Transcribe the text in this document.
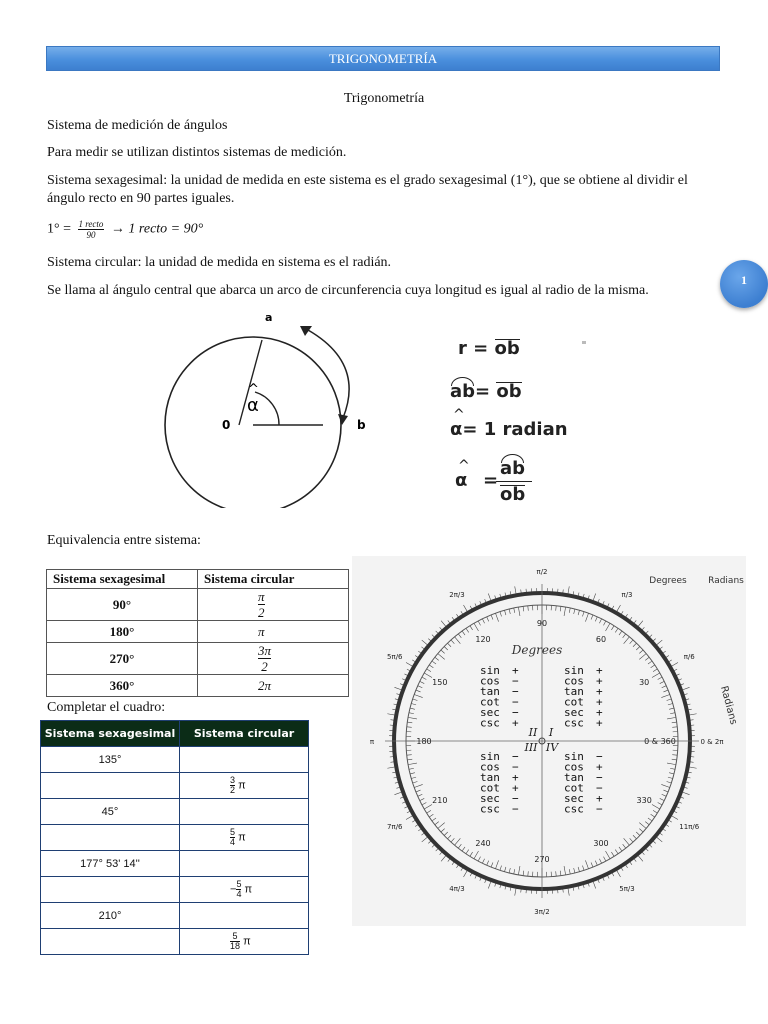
TRIGONOMETRÍA
1
Trigonometría
Sistema de medición de ángulos
Para medir se utilizan distintos sistemas de medición.
Sistema sexagesimal: la unidad de medida en este sistema es el grado sexagesimal (1°), que se obtiene al dividir el ángulo recto en 90 partes iguales.
$1^\circ = \frac{\text{1 recto}}{90} \to 1$ recto = 90°
Sistema circular: la unidad de medida en sistema es el radián.
Se llama al ángulo central que abarca un arco de circunferencia cuya longitud es igual al radio de la misma.
a
b
0
^
α
r = ob
ab= ob
^ α= 1 radian
^ α =
ab
ob
Equivalencia entre sistema:
Sistema sexagesimal	Sistema circular
90°	$\frac{\pi}{2}$

180°	π
270°	$\frac{3\pi}{2}$

360°	2π
Completar el cuadro:
Sistema sexagesimal	Sistema circular
135°	

	$\frac{3}{2}$ π
45°	

	$\frac{5}{4}$ π
177° 53' 14''	
	− $\frac{5}{4}$ π
210°	

	$\frac{5}{18}$ π
0 & 360
30
60
90
120
150
180
210
240
270
300
330
0 & 2π
π/6
π/3
π/2
2π/3
5π/6
π
7π/6
4π/3
3π/2
5π/3
11π/6
Degrees
Degrees Radians
Radians
I
II
III IV
sin +
cos −
tan −
cot −
sec −
csc +
sin +
cos +
tan +
cot +
sec +
csc +
sin −
cos −
tan +
cot +
sec −
csc −
sin −
cos +
tan −
cot −
sec +
csc −
